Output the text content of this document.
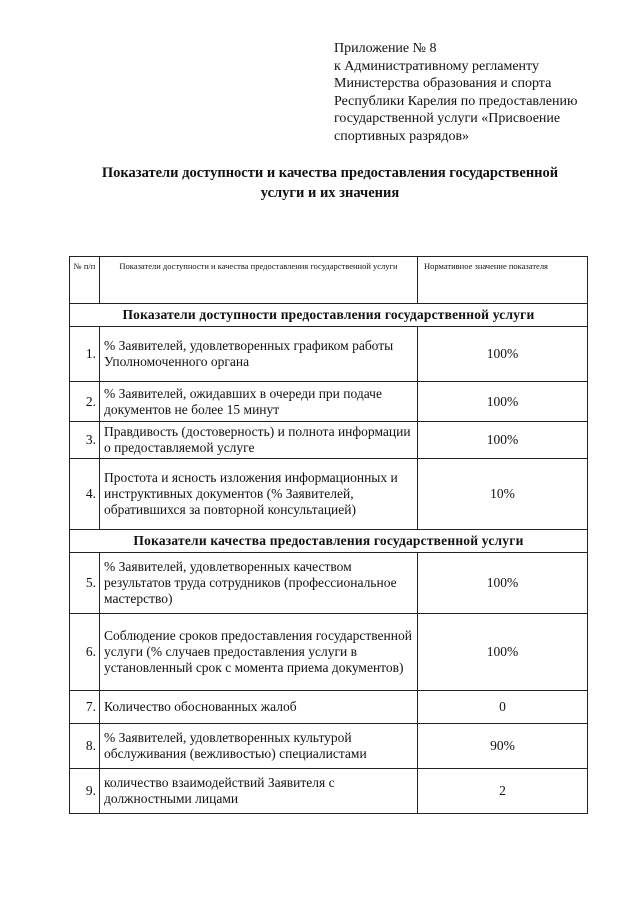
Приложение № 8
к Административному регламенту
Министерства образования и спорта
Республики Карелия по предоставлению
государственной услуги «Присвоение
спортивных разрядов»
Показатели доступности и качества предоставления государственной
услуги и их значения
№ п/п	Показатели доступности и качества предоставления государственной услуги	Нормативное значение показателя
Показатели доступности предоставления государственной услуги		
1.	% Заявителей, удовлетворенных графиком работы Уполномоченного органа	100%
2.	% Заявителей, ожидавших в очереди при подаче документов не более 15 минут	100%
3.	Правдивость (достоверность) и полнота информации о предоставляемой услуге	100%
4.	Простота и ясность изложения информационных и инструктивных документов (% Заявителей, обратившихся за повторной консультацией)	10%
Показатели качества предоставления государственной услуги		
5.	% Заявителей, удовлетворенных качеством результатов труда сотрудников (профессиональное мастерство)	100%
6.	Соблюдение сроков предоставления государственной услуги (% случаев предоставления услуги в установленный срок с момента приема документов)	100%
7.	Количество обоснованных жалоб	0
8.	% Заявителей, удовлетворенных культурой обслуживания (вежливостью) специалистами	90%
9.	количество взаимодействий Заявителя с должностными лицами	2
